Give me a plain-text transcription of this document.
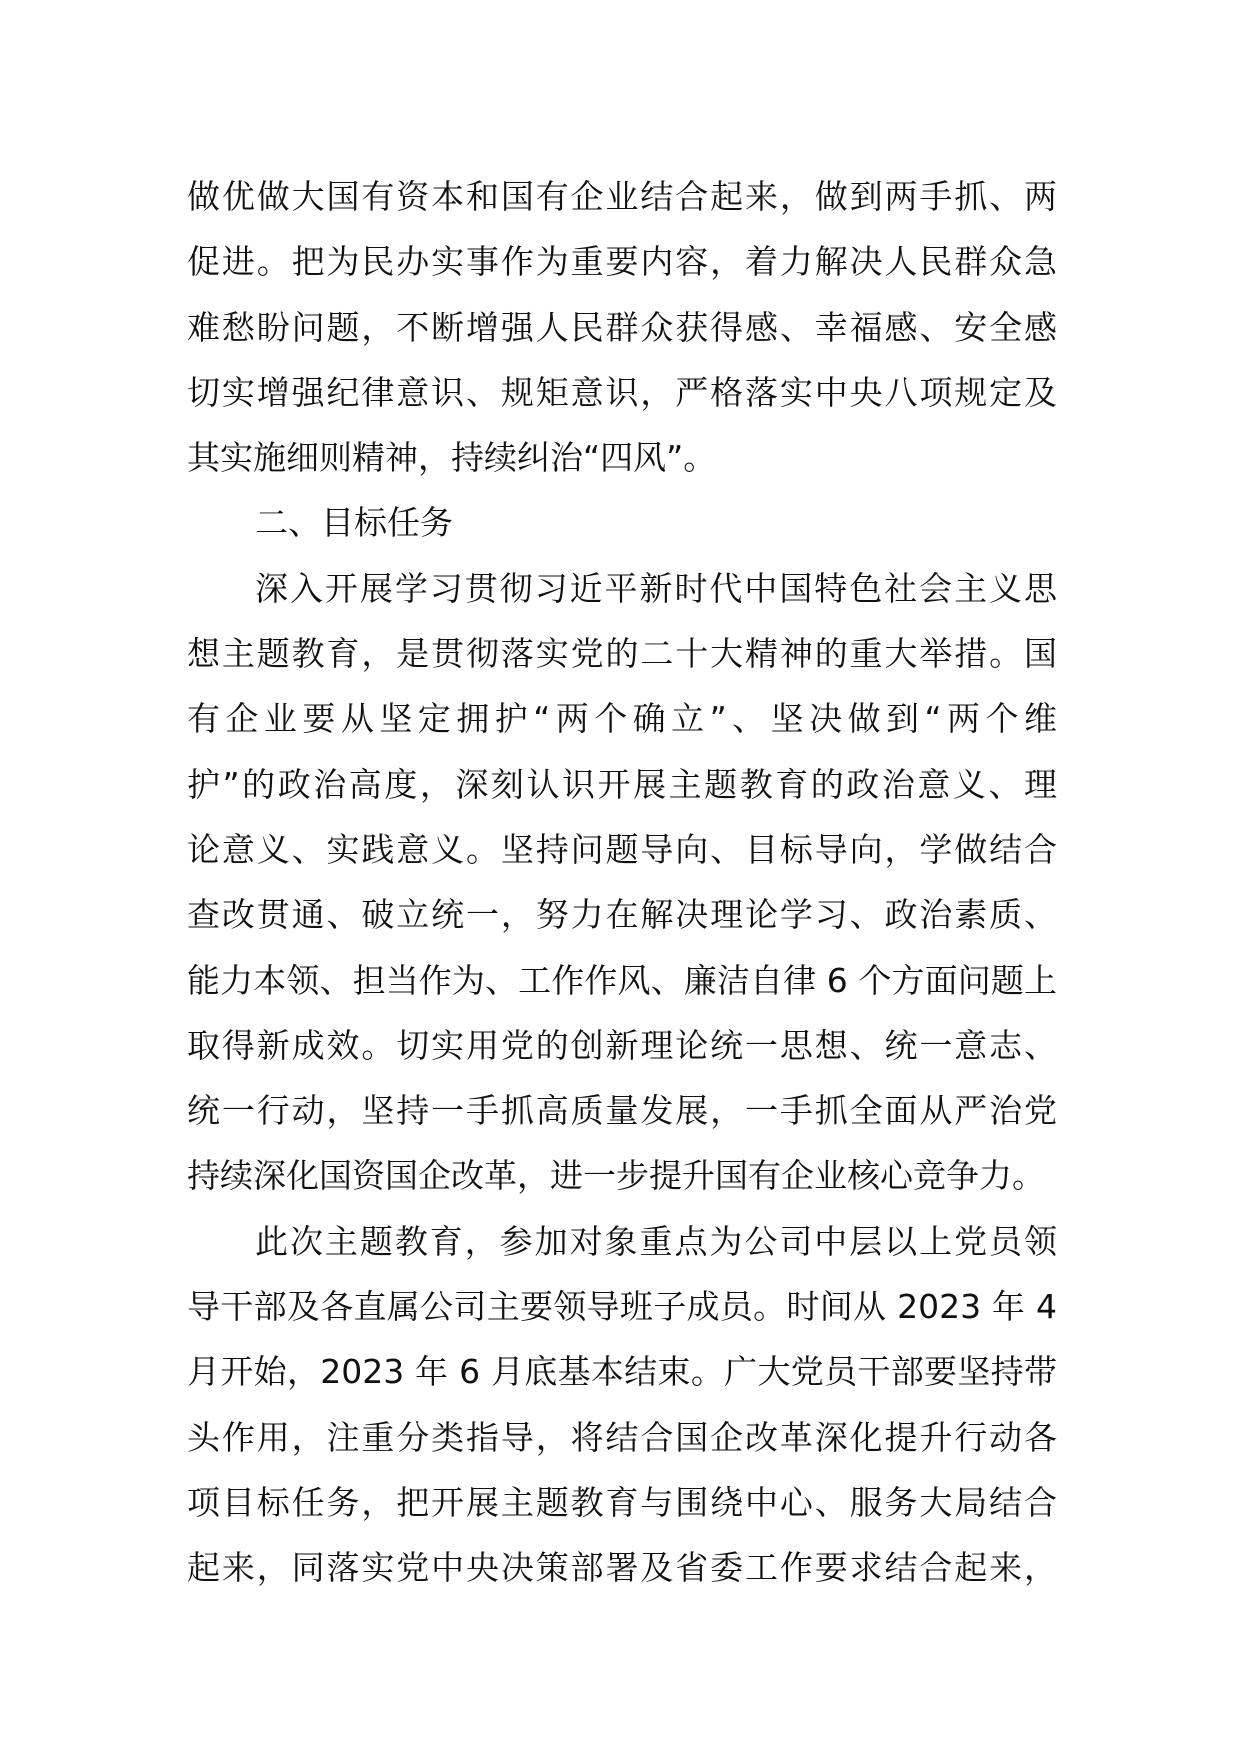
做优做大国有资本和国有企业结合起来，做到两手抓、两
促进。把为民办实事作为重要内容，着力解决人民群众急
难愁盼问题，不断增强人民群众获得感、幸福感、安全感
切实增强纪律意识、规矩意识，严格落实中央八项规定及
其实施细则精神，持续纠治“四风”。
二、目标任务
深入开展学习贯彻习近平新时代中国特色社会主义思
想主题教育，是贯彻落实党的二十大精神的重大举措。国
有企业要从坚定拥护“两个确立”、坚决做到“两个维
护”的政治高度，深刻认识开展主题教育的政治意义、理
论意义、实践意义。坚持问题导向、目标导向，学做结合
查改贯通、破立统一，努力在解决理论学习、政治素质、
能力本领、担当作为、工作作风、廉洁自律 6 个方面问题上
取得新成效。切实用党的创新理论统一思想、统一意志、
统一行动，坚持一手抓高质量发展，一手抓全面从严治党
持续深化国资国企改革，进一步提升国有企业核心竞争力。
此次主题教育，参加对象重点为公司中层以上党员领
导干部及各直属公司主要领导班子成员。时间从 2023 年 4
月开始，2023 年 6 月底基本结束。广大党员干部要坚持带
头作用，注重分类指导，将结合国企改革深化提升行动各
项目标任务，把开展主题教育与围绕中心、服务大局结合
起来，同落实党中央决策部署及省委工作要求结合起来，
